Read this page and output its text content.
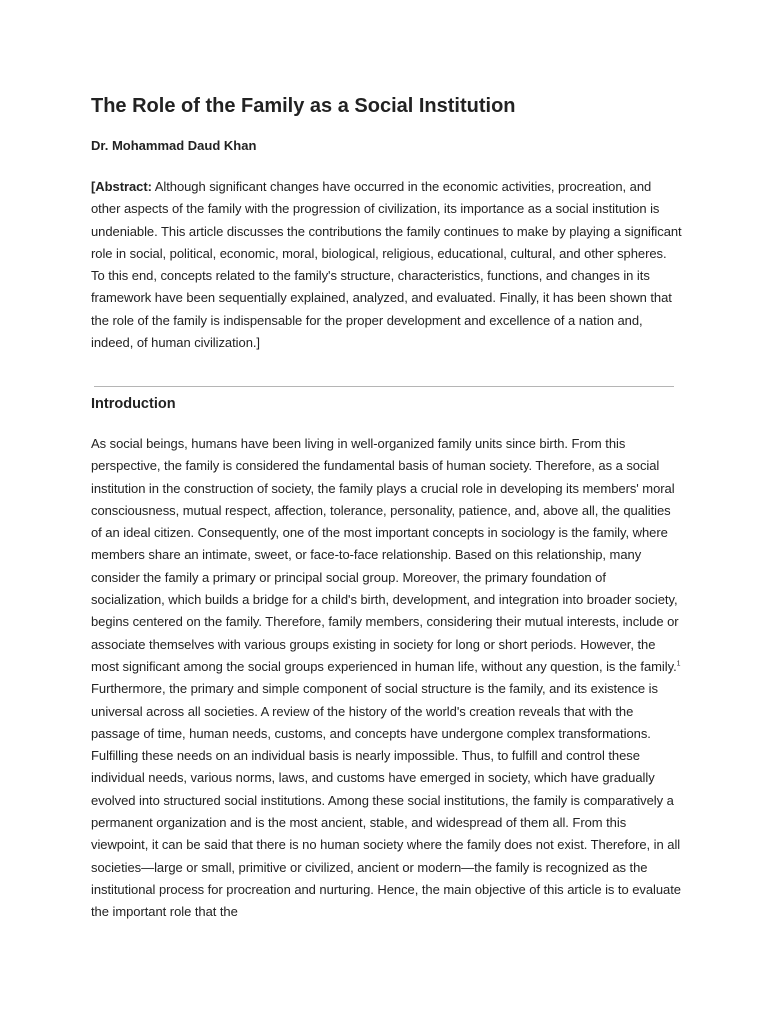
The Role of the Family as a Social Institution

Dr. Mohammad Daud Khan

[Abstract: Although significant changes have occurred in the economic activities, procreation, and other aspects of the family with the progression of civilization, its importance as a social institution is undeniable. This article discusses the contributions the family continues to make by playing a significant role in social, political, economic, moral, biological, religious, educational, cultural, and other spheres. To this end, concepts related to the family's structure, characteristics, functions, and changes in its framework have been sequentially explained, analyzed, and evaluated. Finally, it has been shown that the role of the family is indispensable for the proper development and excellence of a nation and, indeed, of human civilization.]

Introduction

As social beings, humans have been living in well-organized family units since birth. From this perspective, the family is considered the fundamental basis of human society. Therefore, as a social institution in the construction of society, the family plays a crucial role in developing its members' moral consciousness, mutual respect, affection, tolerance, personality, patience, and, above all, the qualities of an ideal citizen. Consequently, one of the most important concepts in sociology is the family, where members share an intimate, sweet, or face-to-face relationship. Based on this relationship, many consider the family a primary or principal social group. Moreover, the primary foundation of socialization, which builds a bridge for a child's birth, development, and integration into broader society, begins centered on the family. Therefore, family members, considering their mutual interests, include or associate themselves with various groups existing in society for long or short periods. However, the most significant among the social groups experienced in human life, without any question, is the family.$^1$ Furthermore, the primary and simple component of social structure is the family, and its existence is universal across all societies. A review of the history of the world's creation reveals that with the passage of time, human needs, customs, and concepts have undergone complex transformations. Fulfilling these needs on an individual basis is nearly impossible. Thus, to fulfill and control these individual needs, various norms, laws, and customs have emerged in society, which have gradually evolved into structured social institutions. Among these social institutions, the family is comparatively a permanent organization and is the most ancient, stable, and widespread of them all. From this viewpoint, it can be said that there is no human society where the family does not exist. Therefore, in all societies—large or small, primitive or civilized, ancient or modern—the family is recognized as the institutional process for procreation and nurturing. Hence, the main objective of this article is to evaluate the important role that the
